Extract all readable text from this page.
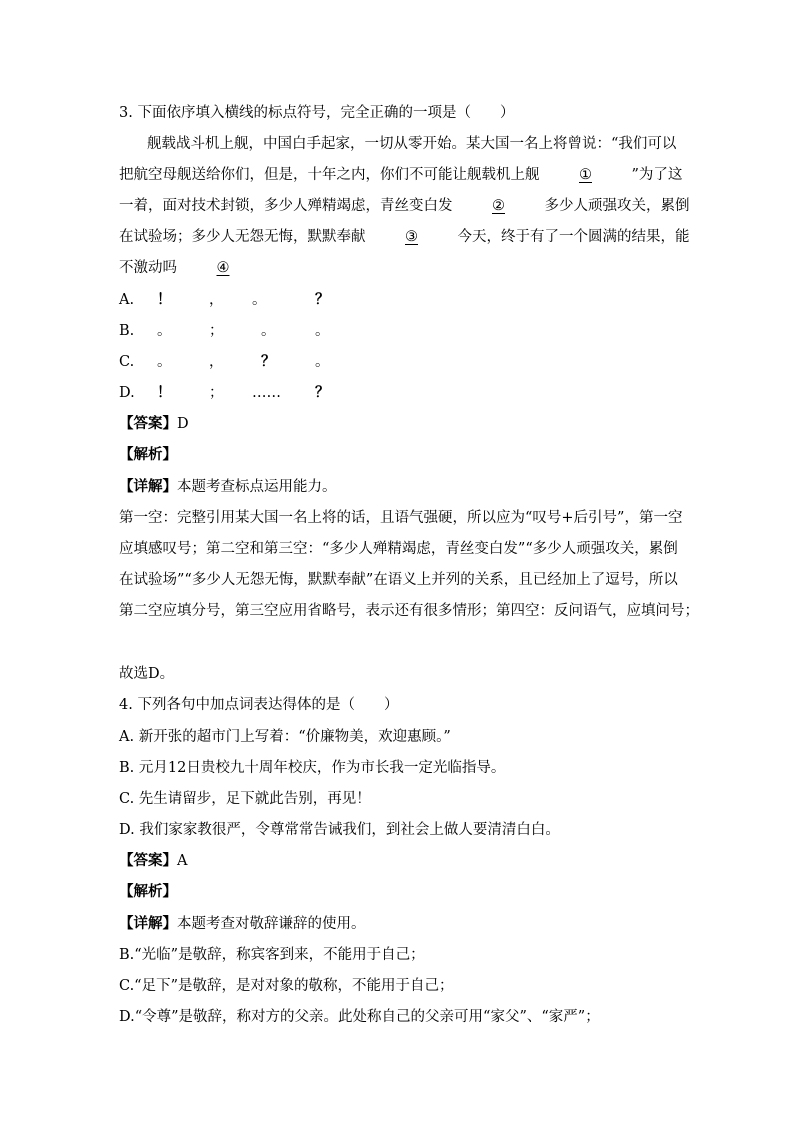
3. 下面依序填入横线的标点符号，完全正确的一项是（　　）
舰载战斗机上舰，中国白手起家，一切从零开始。某大国一名上将曾说：“我们可以
把航空母舰送给你们，但是，十年之内，你们不可能让舰载机上舰	①	”为了这
一着，面对技术封锁，多少人殚精竭虑，青丝变白发	②	多少人顽强攻关，累倒
在试验场；多少人无怨无悔，默默奉献	③	今天，终于有了一个圆满的结果，能
不激动吗	④
A. ！	， 。	？
B. 。	；	。	。
C. 。	，	？	。
D. ！	； …… ？
【答案】D
【解析】
【详解】本题考查标点运用能力。
第一空：完整引用某大国一名上将的话，且语气强硬，所以应为“叹号+后引号”，第一空
应填感叹号；第二空和第三空：“多少人殚精竭虑，青丝变白发”“多少人顽强攻关，累倒
在试验场”“多少人无怨无悔，默默奉献”在语义上并列的关系，且已经加上了逗号，所以
第二空应填分号，第三空应用省略号，表示还有很多情形；第四空：反问语气，应填问号；
故选D。
4. 下列各句中加点词表达得体的是（　　）
A. 新开张的超市门上写着：“价廉物美，欢迎惠顾。”
B. 元月12日贵校九十周年校庆，作为市长我一定光临指导。
C. 先生请留步，足下就此告别，再见！
D. 我们家家教很严，令尊常常告诫我们，到社会上做人要清清白白。
【答案】A
【解析】
【详解】本题考查对敬辞谦辞的使用。
B.“光临”是敬辞，称宾客到来，不能用于自己；
C.“足下”是敬辞，是对对象的敬称，不能用于自己；
D.“令尊”是敬辞，称对方的父亲。此处称自己的父亲可用“家父”、“家严”；
